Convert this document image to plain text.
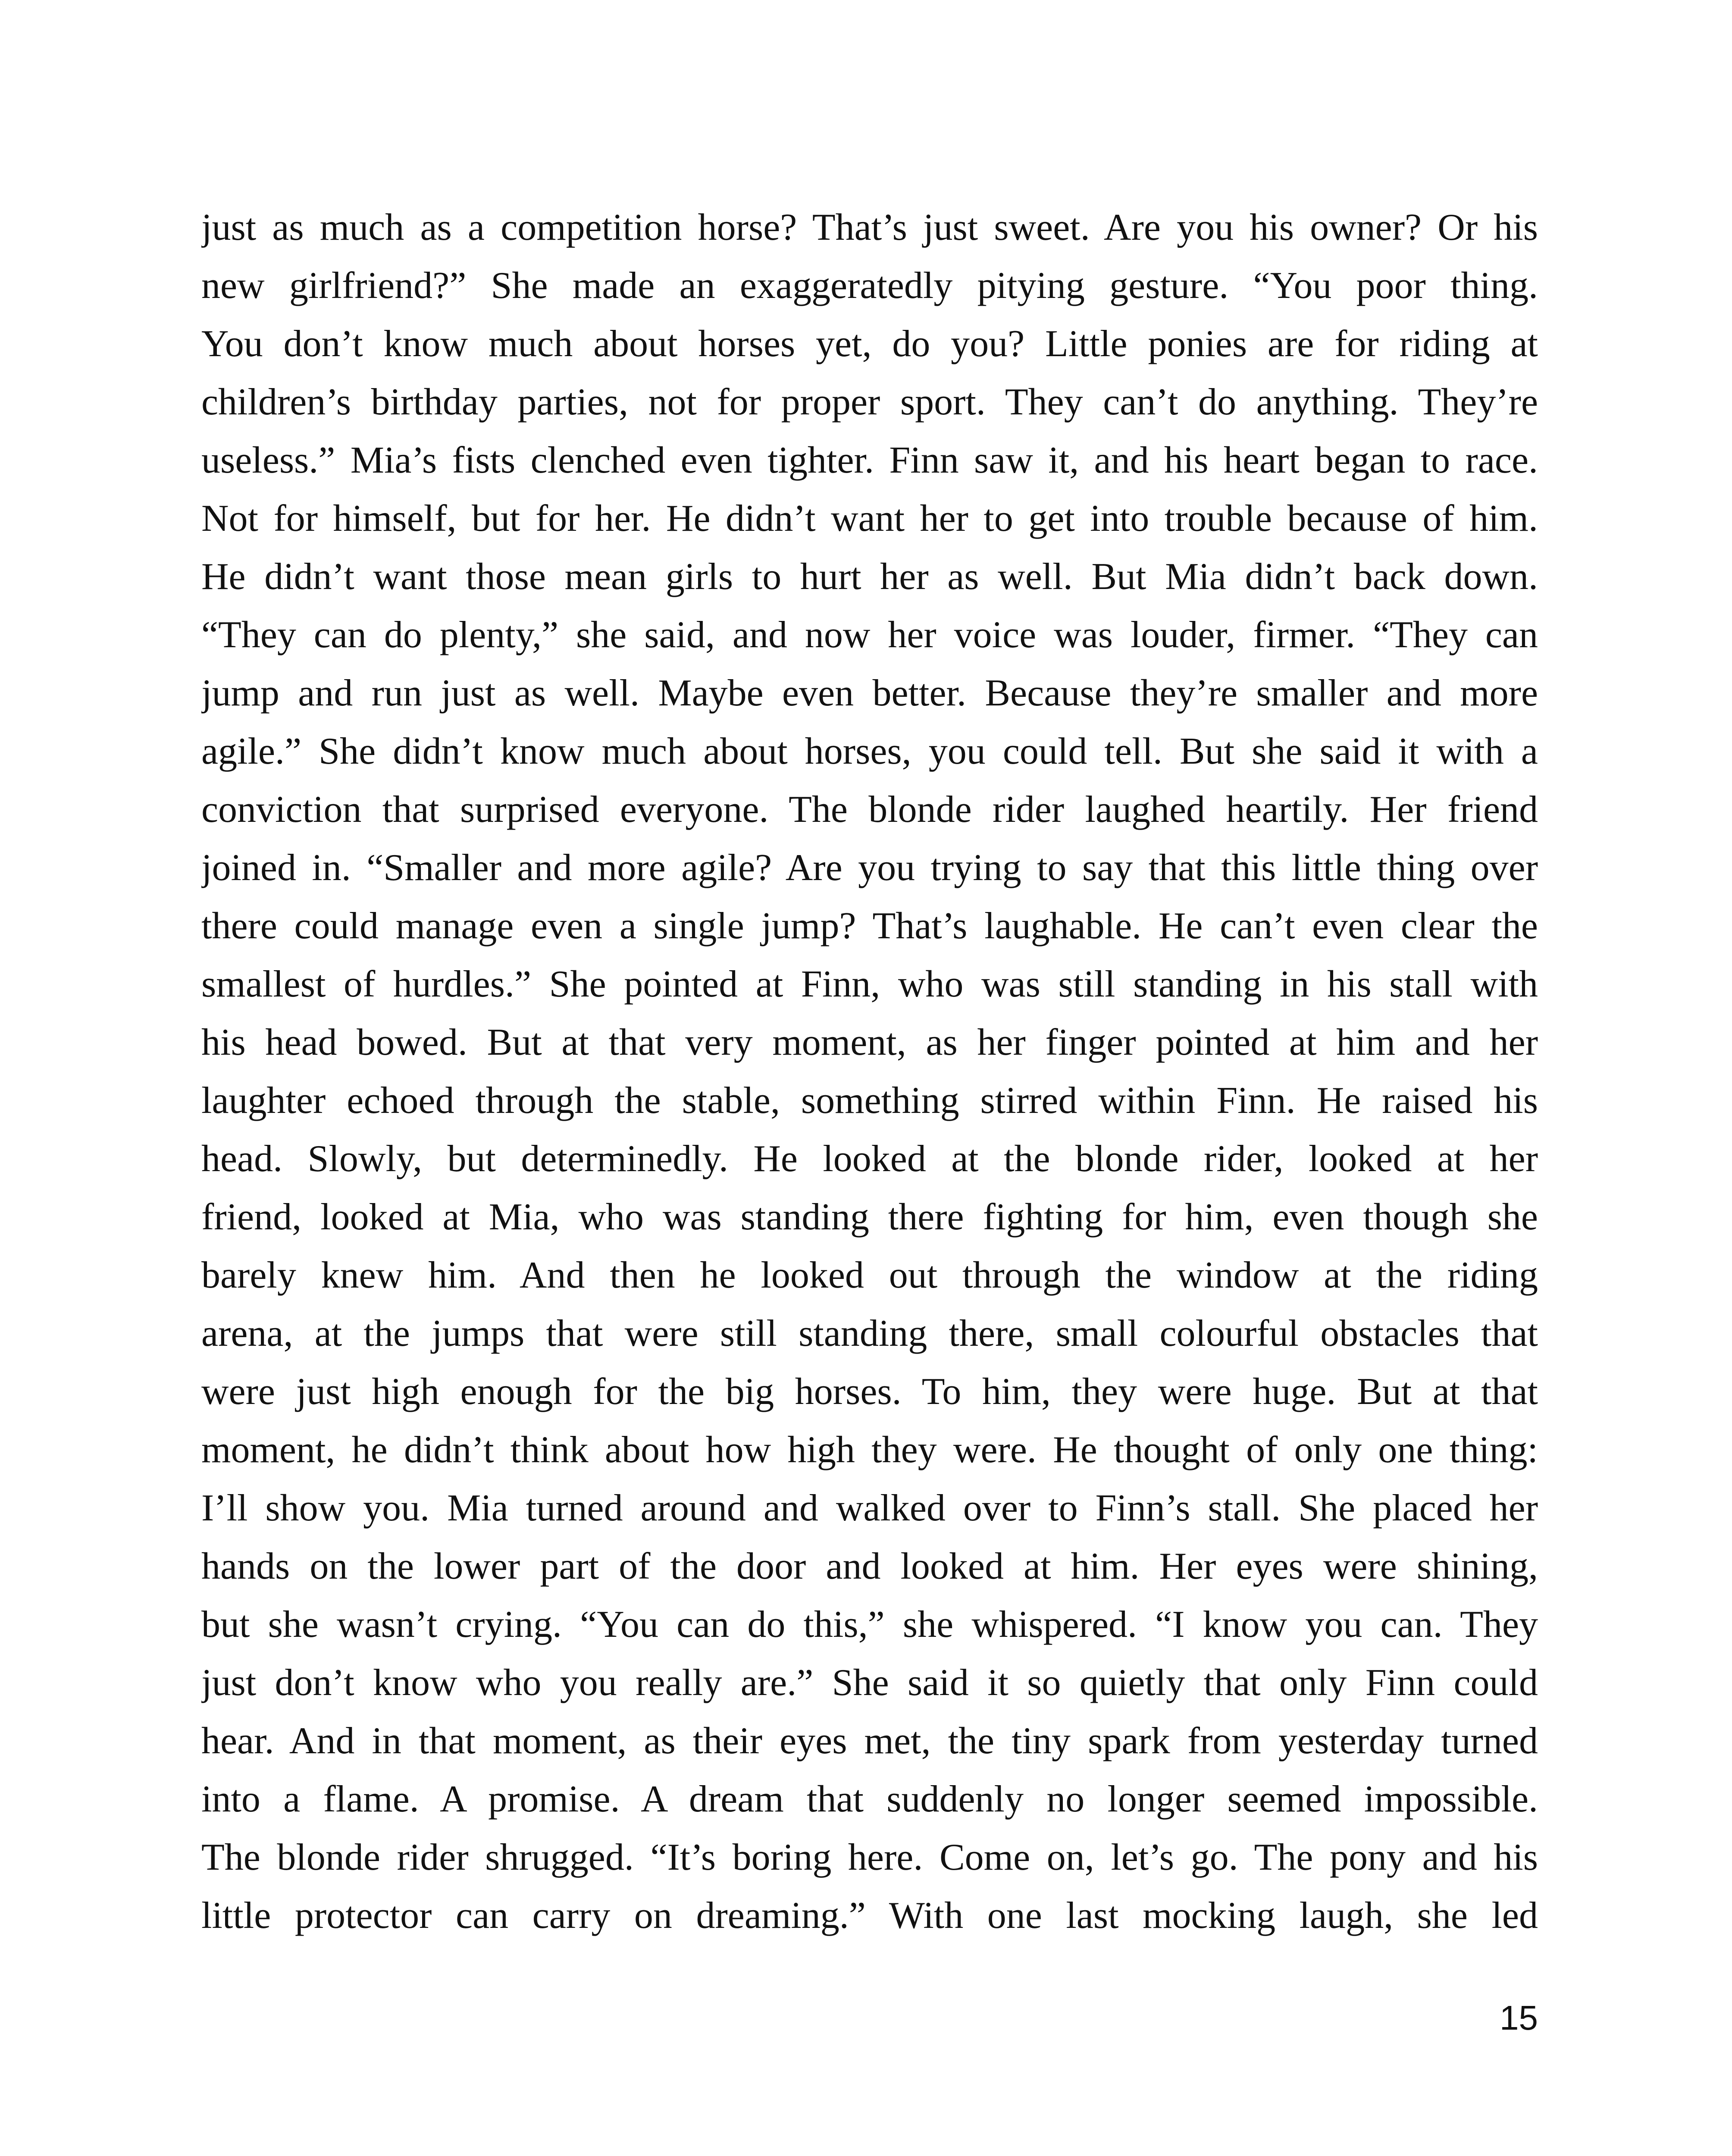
just as much as a competition horse? That’s just sweet. Are you his owner? Or his
new girlfriend?” She made an exaggeratedly pitying gesture. “You poor thing.
You don’t know much about horses yet, do you? Little ponies are for riding at
children’s birthday parties, not for proper sport. They can’t do anything. They’re
useless.” Mia’s fists clenched even tighter. Finn saw it, and his heart began to race.
Not for himself, but for her. He didn’t want her to get into trouble because of him.
He didn’t want those mean girls to hurt her as well. But Mia didn’t back down.
“They can do plenty,” she said, and now her voice was louder, firmer. “They can
jump and run just as well. Maybe even better. Because they’re smaller and more
agile.” She didn’t know much about horses, you could tell. But she said it with a
conviction that surprised everyone. The blonde rider laughed heartily. Her friend
joined in. “Smaller and more agile? Are you trying to say that this little thing over
there could manage even a single jump? That’s laughable. He can’t even clear the
smallest of hurdles.” She pointed at Finn, who was still standing in his stall with
his head bowed. But at that very moment, as her finger pointed at him and her
laughter echoed through the stable, something stirred within Finn. He raised his
head. Slowly, but determinedly. He looked at the blonde rider, looked at her
friend, looked at Mia, who was standing there fighting for him, even though she
barely knew him. And then he looked out through the window at the riding
arena, at the jumps that were still standing there, small colourful obstacles that
were just high enough for the big horses. To him, they were huge. But at that
moment, he didn’t think about how high they were. He thought of only one thing:
I’ll show you. Mia turned around and walked over to Finn’s stall. She placed her
hands on the lower part of the door and looked at him. Her eyes were shining,
but she wasn’t crying. “You can do this,” she whispered. “I know you can. They
just don’t know who you really are.” She said it so quietly that only Finn could
hear. And in that moment, as their eyes met, the tiny spark from yesterday turned
into a flame. A promise. A dream that suddenly no longer seemed impossible.
The blonde rider shrugged. “It’s boring here. Come on, let’s go. The pony and his
little protector can carry on dreaming.” With one last mocking laugh, she led
15
